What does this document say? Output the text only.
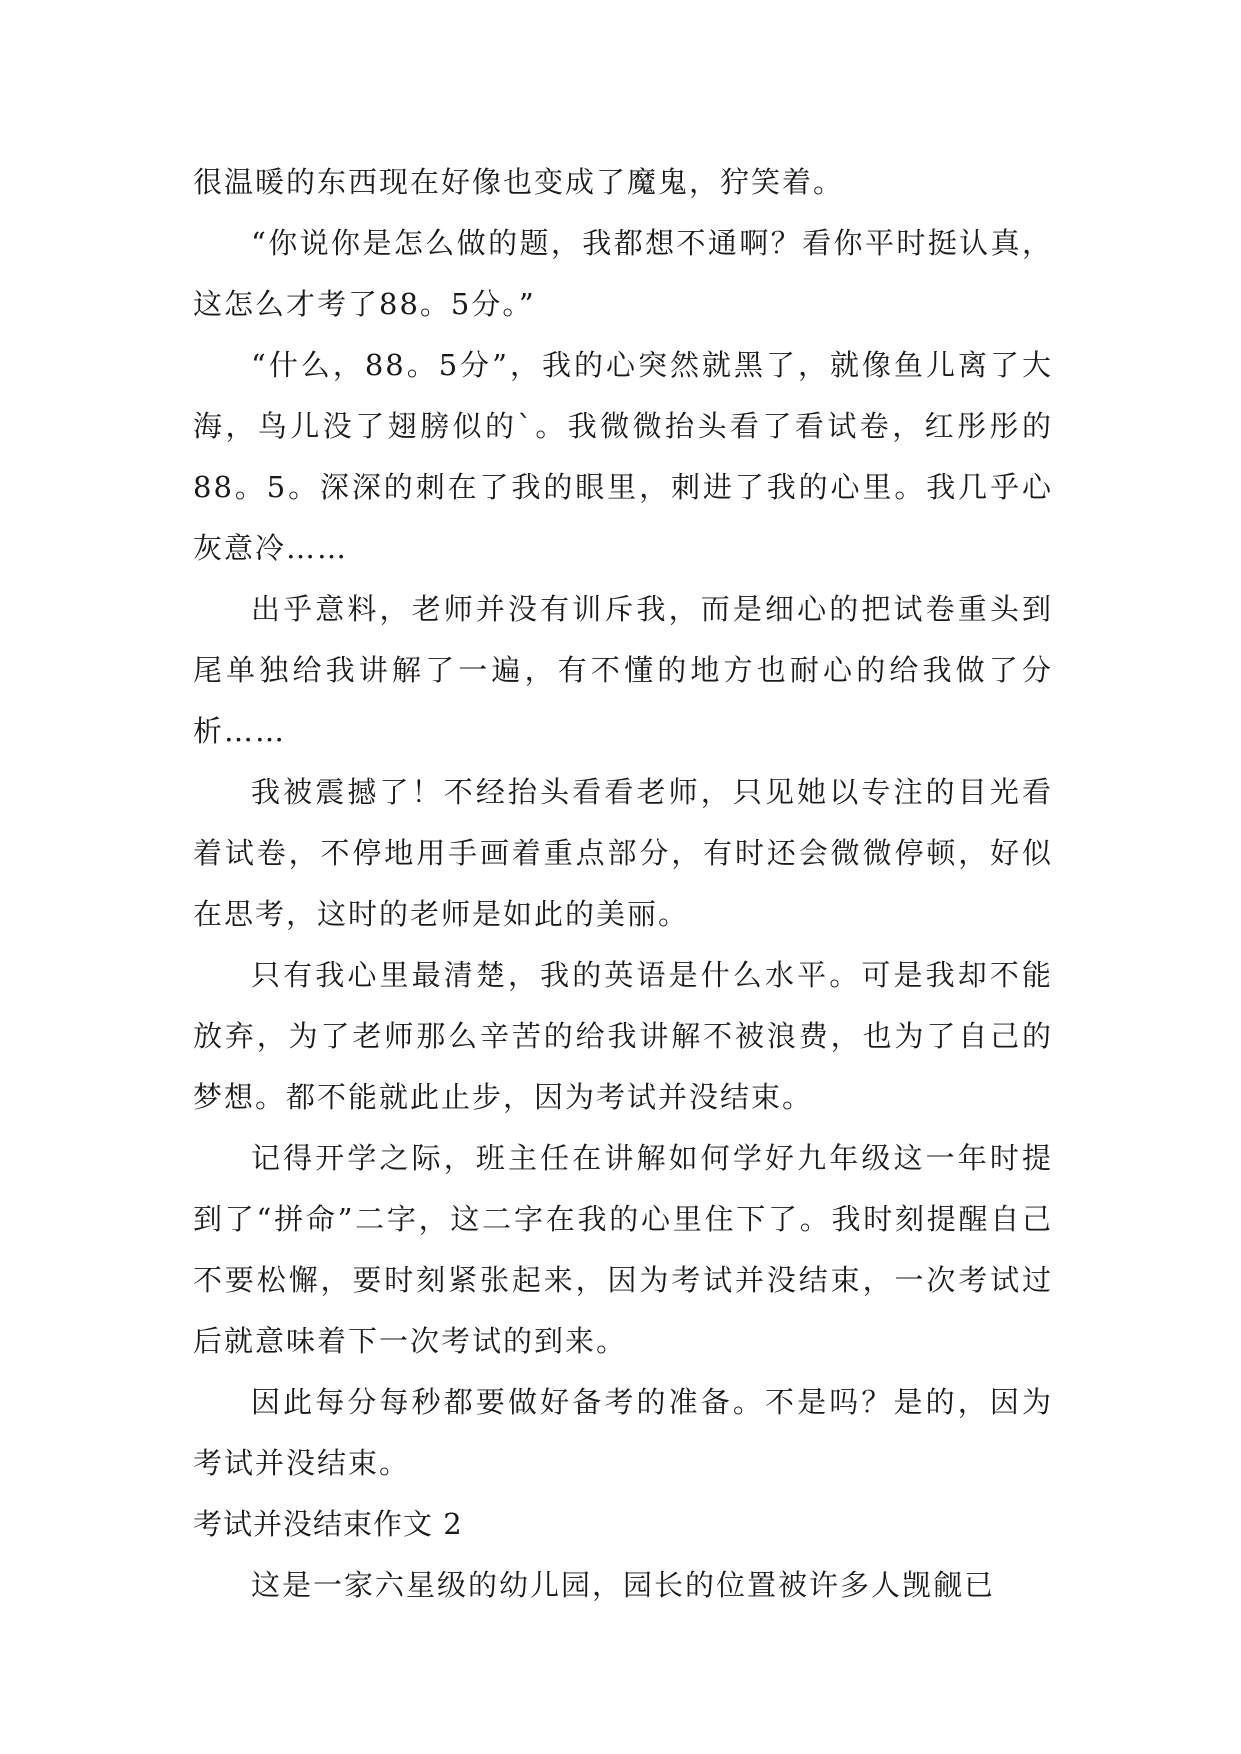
很温暖的东西现在好像也变成了魔鬼，狞笑着。

“你说你是怎么做的题，我都想不通啊？看你平时挺认真，这怎么才考了88。5分。”

“什么，88。5分”，我的心突然就黑了，就像鱼儿离了大海，鸟儿没了翅膀似的`。我微微抬头看了看试卷，红彤彤的88。5。深深的刺在了我的眼里，刺进了我的心里。我几乎心灰意冷……

出乎意料，老师并没有训斥我，而是细心的把试卷重头到尾单独给我讲解了一遍，有不懂的地方也耐心的给我做了分析……

我被震撼了！不经抬头看看老师，只见她以专注的目光看着试卷，不停地用手画着重点部分，有时还会微微停顿，好似在思考，这时的老师是如此的美丽。

只有我心里最清楚，我的英语是什么水平。可是我却不能放弃，为了老师那么辛苦的给我讲解不被浪费，也为了自己的梦想。都不能就此止步，因为考试并没结束。

记得开学之际，班主任在讲解如何学好九年级这一年时提到了“拼命”二字，这二字在我的心里住下了。我时刻提醒自己不要松懈，要时刻紧张起来，因为考试并没结束，一次考试过后就意味着下一次考试的到来。

因此每分每秒都要做好备考的准备。不是吗？是的，因为考试并没结束。

考试并没结束作文 2

这是一家六星级的幼儿园，园长的位置被许多人觊觎已
